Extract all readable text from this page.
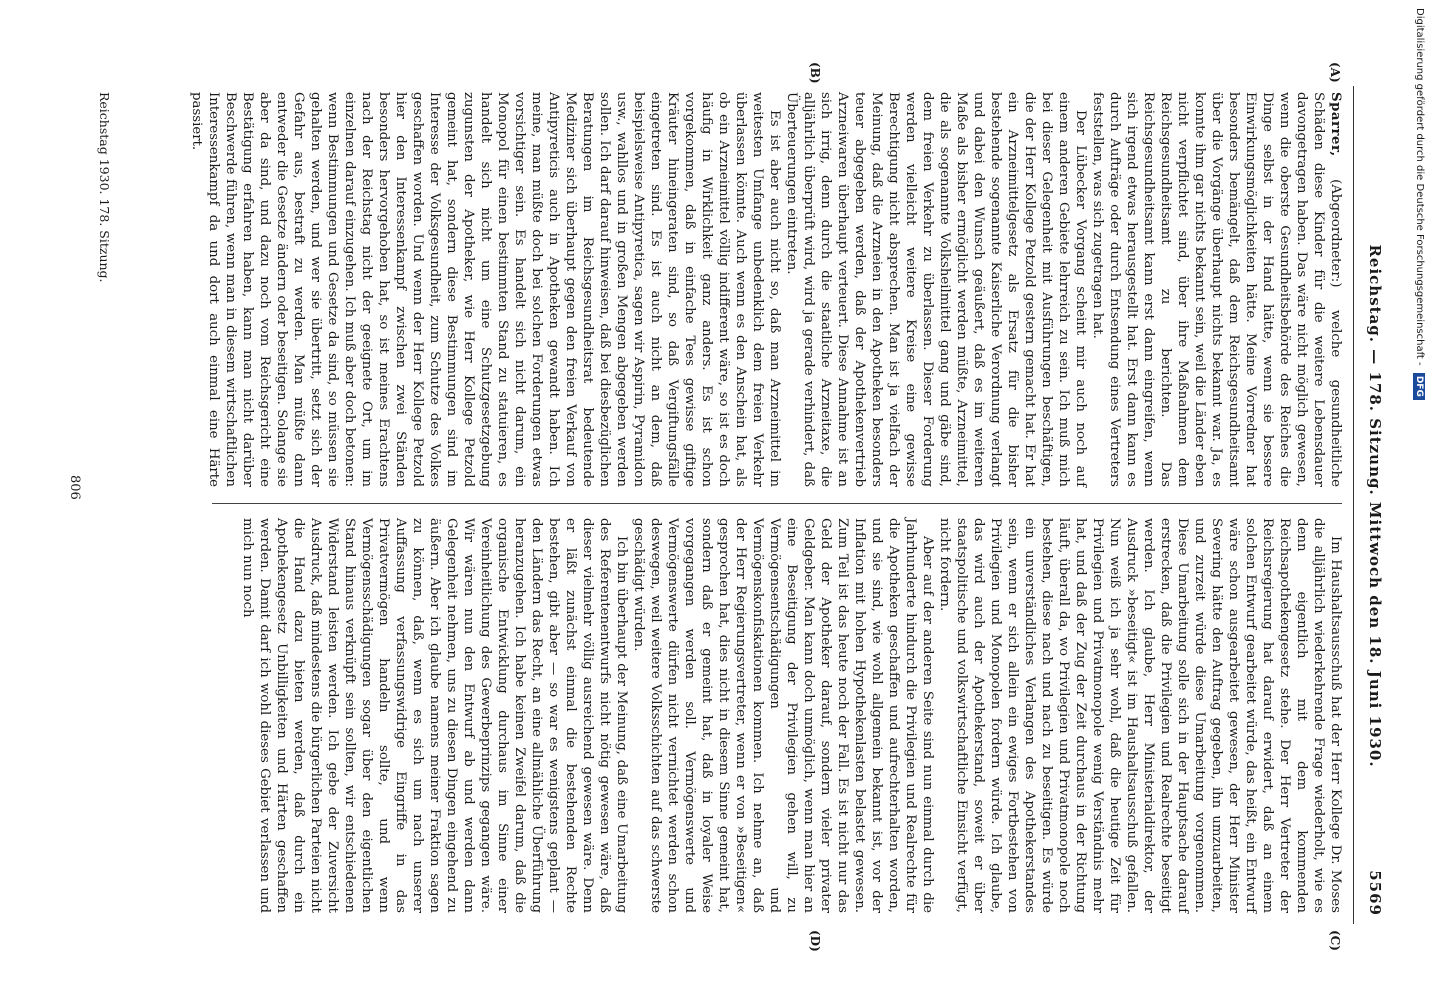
Reichstag. — 178. Sitzung. Mittwoch den 18. Juni 1930.
5569
(A)
(B)
(C)
(D)

Sparrer, (Abgeordneter:) welche gesundheitliche Schäden diese Kinder für die weitere Lebensdauer davongetragen haben. Das wäre nicht möglich gewesen, wenn die oberste Gesundheitsbehörde des Reiches die Dinge selbst in der Hand hätte, wenn sie bessere Einwirkungsmöglichkeiten hätte. Meine Vorredner hat besonders bemängelt, daß dem Reichsgesundheitsamt über die Vorgänge überhaupt nichts bekannt war. Ja, es konnte ihm gar nichts bekannt sein, weil die Länder eben nicht verpflichtet sind, über ihre Maßnahmen dem Reichsgesundheitsamt zu berichten. Das Reichsgesundheitsamt kann erst dann eingreifen, wenn sich irgend etwas herausgestellt hat. Erst dann kann es durch Aufträge oder durch Entsendung eines Vertreters feststellen, was sich zugetragen hat.

Der Lübecker Vorgang scheint mir auch noch auf einem anderen Gebiete lehrreich zu sein. Ich muß mich bei dieser Gelegenheit mit Ausführungen beschäftigen, die der Herr Kollege Petzold gestern gemacht hat. Er hat ein Arzneimittelgesetz als Ersatz für die bisher bestehende sogenannte Kaiserliche Verordnung verlangt und dabei den Wunsch geäußert, daß es im weiteren Maße als bisher ermöglicht werden müßte, Arzneimittel, die als sogenannte Volksheilmittel gang und gäbe sind, dem freien Verkehr zu überlassen. Dieser Forderung werden vielleicht weitere Kreise eine gewisse Berechtigung nicht absprechen. Man ist ja vielfach der Meinung, daß die Arzneien in den Apotheken besonders teuer abgegeben werden, daß der Apothekenvertrieb Arzneiwaren überhaupt verteuert. Diese Annahme ist an sich irrig, denn durch die staatliche Arzneitaxe, die alljährlich überprüft wird, wird ja gerade verhindert, daß Überteuerungen eintreten.

Es ist aber auch nicht so, daß man Arzneimittel im weitesten Umfange unbedenklich dem freien Verkehr überlassen könnte. Auch wenn es den Anschein hat, als ob ein Arzneimittel völlig indifferent wäre, so ist es doch häufig in Wirklichkeit ganz anders. Es ist schon vorgekommen, daß in einfache Tees gewisse giftige Kräuter hineingeraten sind, so daß Vergiftungsfälle eingetreten sind. Es ist auch nicht an dem, daß beispielsweise Antipyretica, sagen wir Aspirin, Pyramidon usw., wahllos und in großen Mengen abgegeben werden sollen. Ich darf darauf hinweisen, daß bei diesbezüglichen Beratungen im Reichsgesundheitsrat bedeutende Mediziner sich überhaupt gegen den freien Verkauf von Antipyreticis auch in Apotheken gewandt haben. Ich meine, man müßte doch bei solchen Forderungen etwas vorsichtiger sein. Es handelt sich nicht darum, ein Monopol für einen bestimmten Stand zu statuieren, es handelt sich nicht um eine Schutzgesetzgebung zugunsten der Apotheker, wie Herr Kollege Petzold gemeint hat, sondern diese Bestimmungen sind im Interesse der Volksgesundheit, zum Schutze des Volkes geschaffen worden. Und wenn der Herr Kollege Petzold hier den Interessenkampf zwischen zwei Ständen besonders hervorgehoben hat, so ist meines Erachtens nach der Reichstag nicht der geeignete Ort, um im einzelnen darauf einzugehen. Ich muß aber doch betonen: wenn Bestimmungen und Gesetze da sind, so müssen sie gehalten werden, und wer sie übertritt, setzt sich der Gefahr aus, bestraft zu werden. Man müßte dann entweder die Gesetze ändern oder beseitigen. Solange sie aber da sind, und dazu noch vom Reichsgericht eine Bestätigung erfahren haben, kann man nicht darüber Beschwerde führen, wenn man in diesem wirtschaftlichen Interessenkampf da und dort auch einmal eine Härte passiert.

Im Haushaltsausschuß hat der Herr Kollege Dr. Moses die alljährlich wiederkehrende Frage wiederholt, wie es denn eigentlich mit dem kommenden Reichsapothekengesetz stehe. Der Herr Vertreter der Reichsregierung hat darauf erwidert, daß an einem solchen Entwurf gearbeitet würde, das heißt, ein Entwurf wäre schon ausgearbeitet gewesen, der Herr Minister Severing hätte den Auftrag gegeben, ihn umzuarbeiten, und zurzeit würde diese Umarbeitung vorgenommen. Diese Umarbeitung solle sich in der Hauptsache darauf erstrecken, daß die Privilegien und Realrechte beseitigt werden. Ich glaube, Herr Ministerialdirektor, der Ausdruck »beseitigt« ist im Haushaltsausschuß gefallen. Nun weiß ich ja sehr wohl, daß die heutige Zeit für Privilegien und Privatmonopole wenig Verständnis mehr hat, und daß der Zug der Zeit durchaus in der Richtung läuft, überall da, wo Privilegien und Privatmonopole noch bestehen, diese nach und nach zu beseitigen. Es würde ein unverständliches Verlangen des Apothekerstandes sein, wenn er sich allein ein ewiges Fortbestehen von Privilegien und Monopolen fordern würde. Ich glaube, das wird auch der Apothekerstand, soweit er über staatspolitische und volkswirtschaftliche Einsicht verfügt, nicht fordern.

Aber auf der anderen Seite sind nun einmal durch die Jahrhunderte hindurch die Privilegien und Realrechte für die Apotheken geschaffen und aufrechterhalten worden, und sie sind, wie wohl allgemein bekannt ist, vor der Inflation mit hohen Hypothekenlasten belastet gewesen. Zum Teil ist das heute noch der Fall. Es ist nicht nur das Geld der Apotheker darauf, sondern vieler privater Geldgeber. Man kann doch unmöglich, wenn man hier an eine Beseitigung der Privilegien gehen will, zu Vermögensentschädigungen und Vermögenskonfiskationen kommen. Ich nehme an, daß der Herr Regierungsvertreter, wenn er von »Beseitigen« gesprochen hat, dies nicht in diesem Sinne gemeint hat, sondern daß er gemeint hat, daß in loyaler Weise vorgegangen werden soll. Vermögenswerte und Vermögenswerte dürfen nicht vernichtet werden schon deswegen, weil weitere Volksschichten auf das schwerste geschädigt würden.

Ich bin überhaupt der Meinung, daß eine Umarbeitung des Referentenentwurfs nicht nötig gewesen wäre, daß dieser vielmehr völlig ausreichend gewesen wäre. Denn er läßt zunächst einmal die bestehenden Rechte bestehen, gibt aber — so war es wenigstens geplant — den Ländern das Recht, an eine allmähliche Überführung heranzugehen. Ich habe keinen Zweifel darum, daß die organische Entwicklung durchaus im Sinne einer Vereinheitlichung des Gewerbeprinzips gegangen wäre. Wir wären nun den Entwurf ab und werden dann Gelegenheit nehmen, uns zu diesen Dingen eingehend zu äußern. Aber ich glaube namens meiner Fraktion sagen zu können, daß, wenn es sich um nach unserer Auffassung verfassungswidrige Eingriffe in das Privatvermögen handeln sollte, und wenn Vermögensschädigungen sogar über den eigentlichen Stand hinaus verknüpft sein sollten, wir entschiedenen Widerstand leisten werden. Ich gebe der Zuversicht Ausdruck, daß mindestens die bürgerlichen Parteien nicht die Hand dazu bieten werden, daß durch ein Apothekengesetz Unbilligkeiten und Härten geschaffen werden. Damit darf ich wohl dieses Gebiet verlassen und mich nun noch

Reichstag 1930. 178. Sitzung.
806
Digitalisierung gefördert durch die Deutsche Forschungsgemeinschaft - DFG
